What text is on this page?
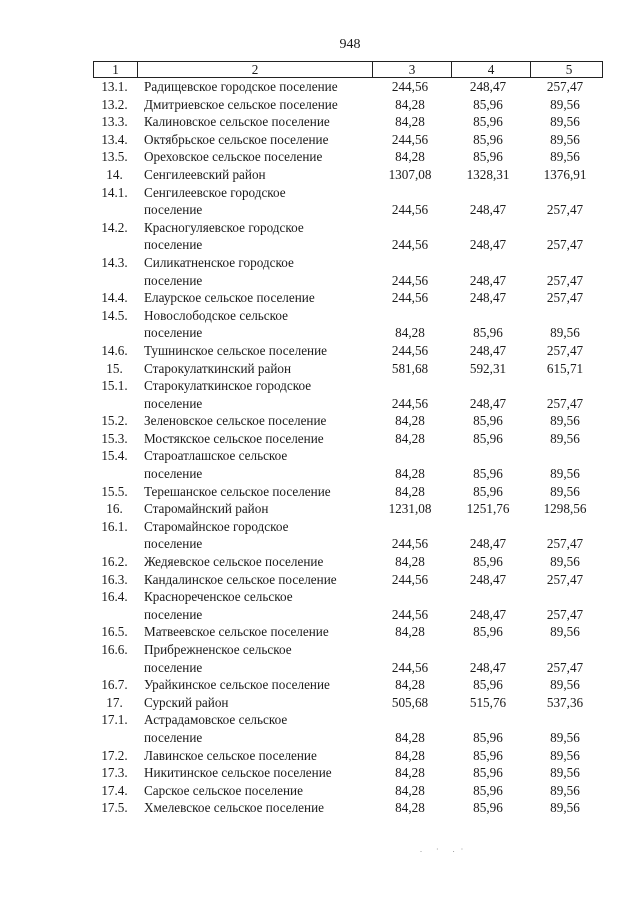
948
1	2	3	4	5
13.1.	Радищевское городское поселение	244,56	248,47	257,47
13.2.	Дмитриевское сельское поселение	84,28	85,96	89,56
13.3.	Калиновское сельское поселение	84,28	85,96	89,56
13.4.	Октябрьское сельское поселение	244,56	85,96	89,56
13.5.	Ореховское сельское поселение	84,28	85,96	89,56
14.	Сенгилеевский район	1307,08	1328,31	1376,91
14.1.	Сенгилеевское городское
поселение	244,56	248,47	257,47
14.2.	Красногуляевское городское
поселение	244,56	248,47	257,47
14.3.	Силикатненское городское
поселение	244,56	248,47	257,47
14.4.	Елаурское сельское поселение	244,56	248,47	257,47
14.5.	Новослободское сельское
поселение	84,28	85,96	89,56
14.6.	Тушнинское сельское поселение	244,56	248,47	257,47
15.	Старокулаткинский район	581,68	592,31	615,71
15.1.	Старокулаткинское городское
поселение	244,56	248,47	257,47
15.2.	Зеленовское сельское поселение	84,28	85,96	89,56
15.3.	Мостякское сельское поселение	84,28	85,96	89,56
15.4.	Староатлашское сельское
поселение	84,28	85,96	89,56
15.5.	Терешанское сельское поселение	84,28	85,96	89,56
16.	Старомайнский район	1231,08	1251,76	1298,56
16.1.	Старомайнское городское
поселение	244,56	248,47	257,47
16.2.	Жедяевское сельское поселение	84,28	85,96	89,56
16.3.	Кандалинское сельское поселение	244,56	248,47	257,47
16.4.	Краснореченское сельское
поселение	244,56	248,47	257,47
16.5.	Матвеевское сельское поселение	84,28	85,96	89,56
16.6.	Прибрежненское сельское
поселение	244,56	248,47	257,47
16.7.	Урайкинское сельское поселение	84,28	85,96	89,56
17.	Сурский район	505,68	515,76	537,36
17.1.	Астрадамовское сельское
поселение	84,28	85,96	89,56
17.2.	Лавинское сельское поселение	84,28	85,96	89,56
17.3.	Никитинское сельское поселение	84,28	85,96	89,56
17.4.	Сарское сельское поселение	84,28	85,96	89,56
17.5.	Хмелевское сельское поселение	84,28	85,96	89,56
. · .·
